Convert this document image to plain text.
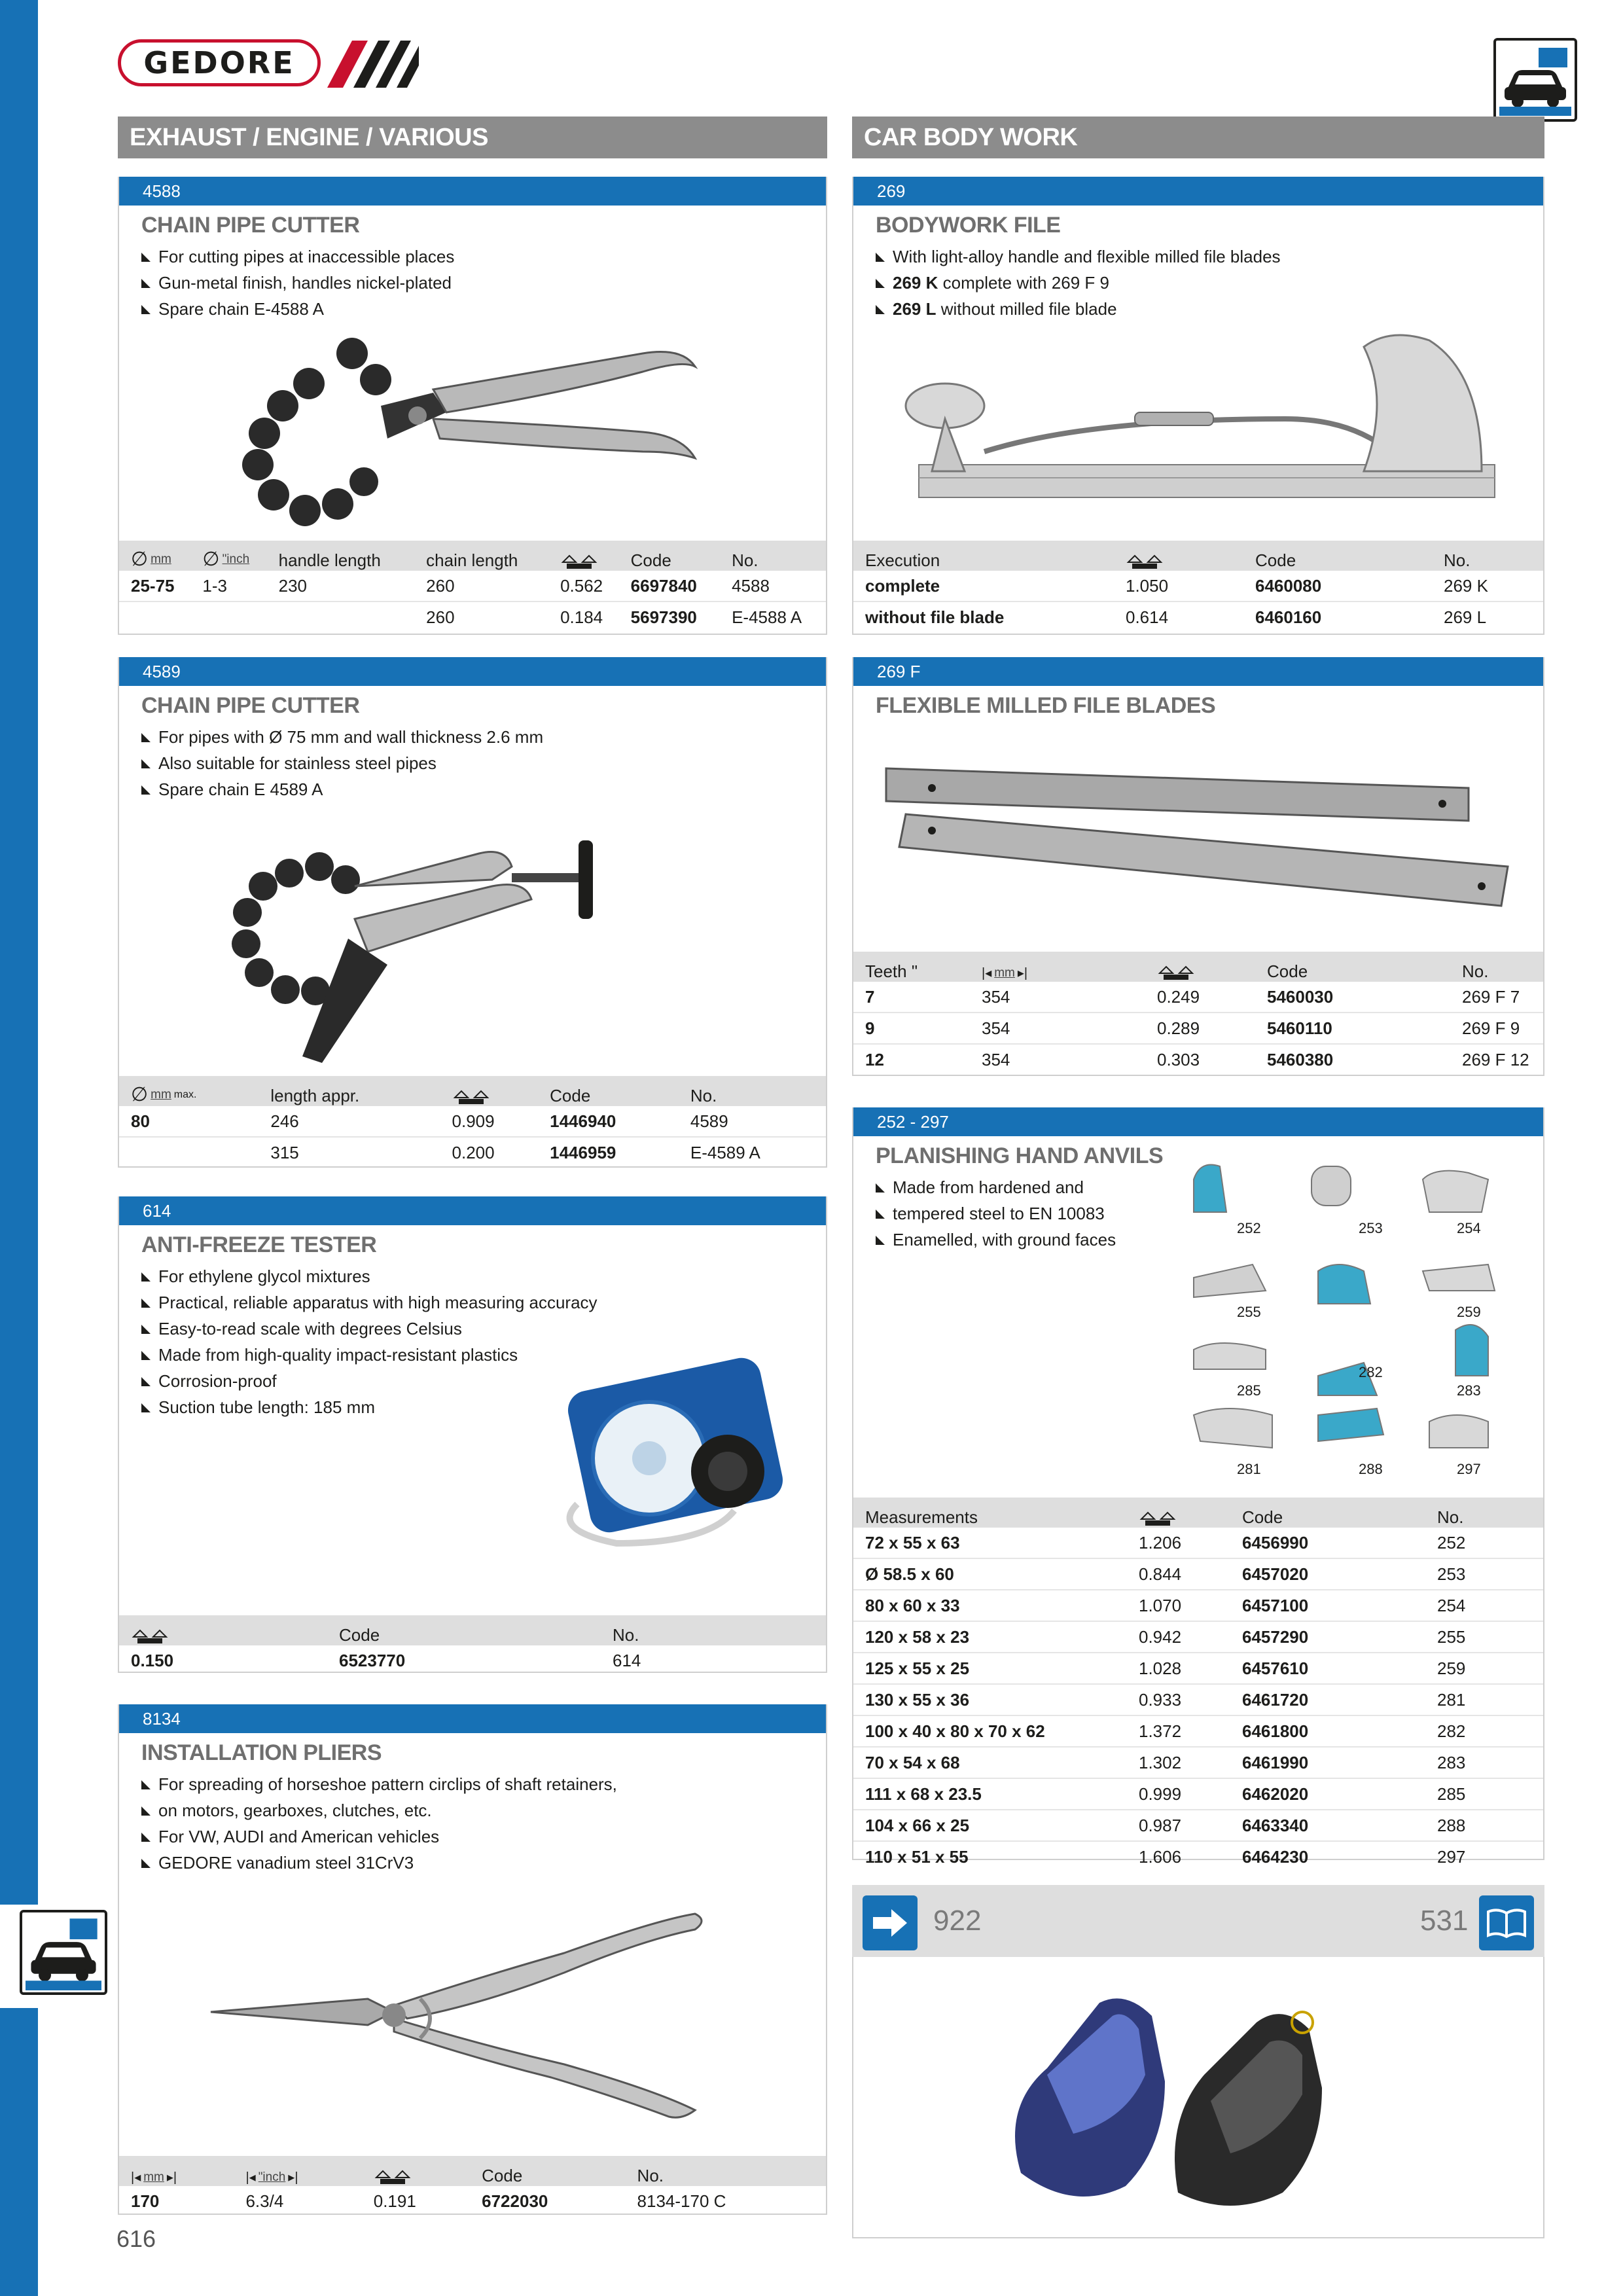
GEDORE
EXHAUST / ENGINE / VARIOUS	CAR BODY WORK
4588
CHAIN PIPE CUTTER
For cutting pipes at inaccessible places
Gun-metal finish, handles nickel-plated
Spare chain E-4588 A
∅ mm	∅ "inch	handle length	chain length		Code	No.
25-75	1-3	230	260	0.562	6697840	4588
			260	0.184	5697390	E-4588 A
4589
CHAIN PIPE CUTTER
For pipes with Ø 75 mm and wall thickness 2.6 mm
Also suitable for stainless steel pipes
Spare chain E 4589 A
∅ mm max.	length appr.		Code	No.
80	246	0.909	1446940	4589
	315	0.200	1446959	E-4589 A
614
ANTI-FREEZE TESTER
For ethylene glycol mixtures
Practical, reliable apparatus with high measuring accuracy
Easy-to-read scale with degrees Celsius
Made from high-quality impact-resistant plastics
Corrosion-proof
Suction tube length: 185 mm
	Code	No.
0.150	6523770	614
8134
INSTALLATION PLIERS
For spreading of horseshoe pattern circlips of shaft retainers,
on motors, gearboxes, clutches, etc.
For VW, AUDI and American vehicles
GEDORE vanadium steel 31CrV3
|◂ mm ▸|	|◂ "inch ▸|		Code	No.
170	6.3/4	0.191	6722030	8134-170 C
269
BODYWORK FILE
With light-alloy handle and flexible milled file blades
269 K complete with 269 F 9
269 L without milled file blade
Execution		Code	No.
complete	1.050	6460080	269 K
without file blade	0.614	6460160	269 L
269 F
FLEXIBLE MILLED FILE BLADES
Teeth "	|◂ mm ▸|		Code	No.
7	354	0.249	5460030	269 F 7
9	354	0.289	5460110	269 F 9
12	354	0.303	5460380	269 F 12
252 - 297
PLANISHING HAND ANVILS
Made from hardened and
tempered steel to EN 10083
Enamelled, with ground faces
252	253	254
255	259
282
285	283
281	288	297
Measurements		Code	No.
72 x 55 x 63	1.206	6456990	252
Ø 58.5 x 60	0.844	6457020	253
80 x 60 x 33	1.070	6457100	254
120 x 58 x 23	0.942	6457290	255
125 x 55 x 25	1.028	6457610	259
130 x 55 x 36	0.933	6461720	281
100 x 40 x 80 x 70 x 62	1.372	6461800	282
70 x 54 x 68	1.302	6461990	283
111 x 68 x 23.5	0.999	6462020	285
104 x 66 x 25	0.987	6463340	288
110 x 51 x 55	1.606	6464230	297
922	531
616
